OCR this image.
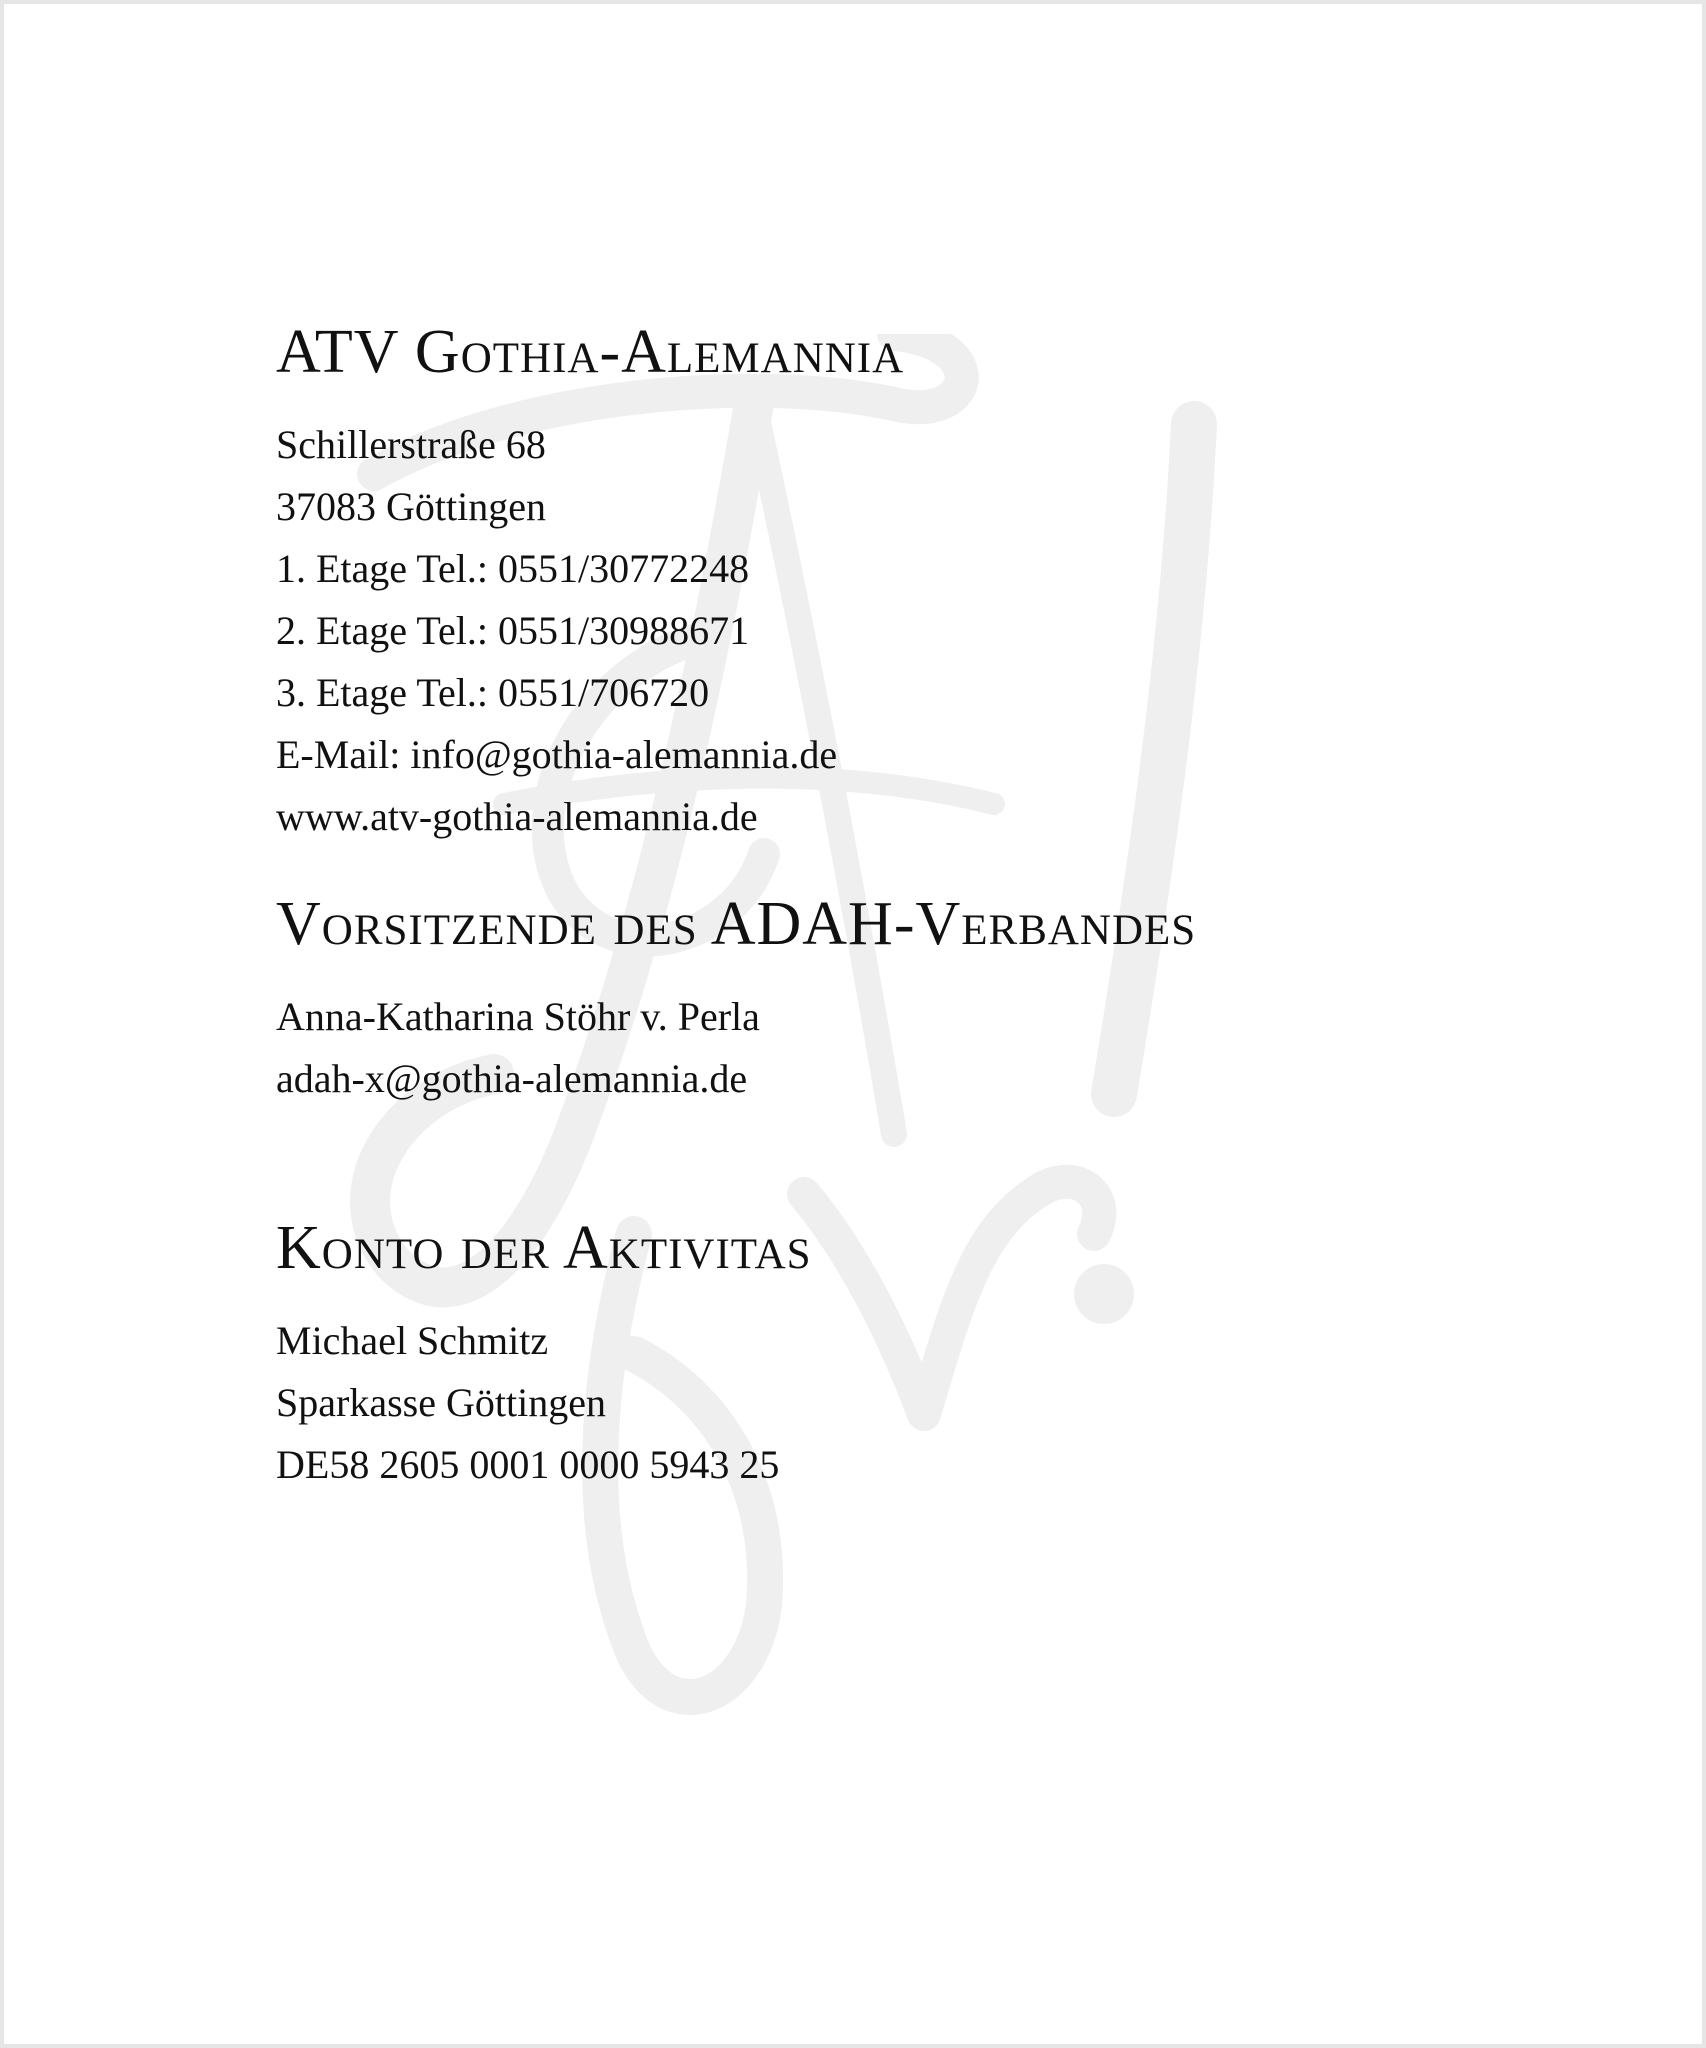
ATV Gothia-Alemannia
Schillerstraße 68
37083 Göttingen
1. Etage Tel.: 0551/30772248
2. Etage Tel.: 0551/30988671
3. Etage Tel.: 0551/706720
E-Mail: info@gothia-alemannia.de
www.atv-gothia-alemannia.de
Vorsitzende des ADAH-Verbandes
Anna-Katharina Stöhr v. Perla
adah-x@gothia-alemannia.de
Konto der Aktivitas
Michael Schmitz
Sparkasse Göttingen
DE58 2605 0001 0000 5943 25
